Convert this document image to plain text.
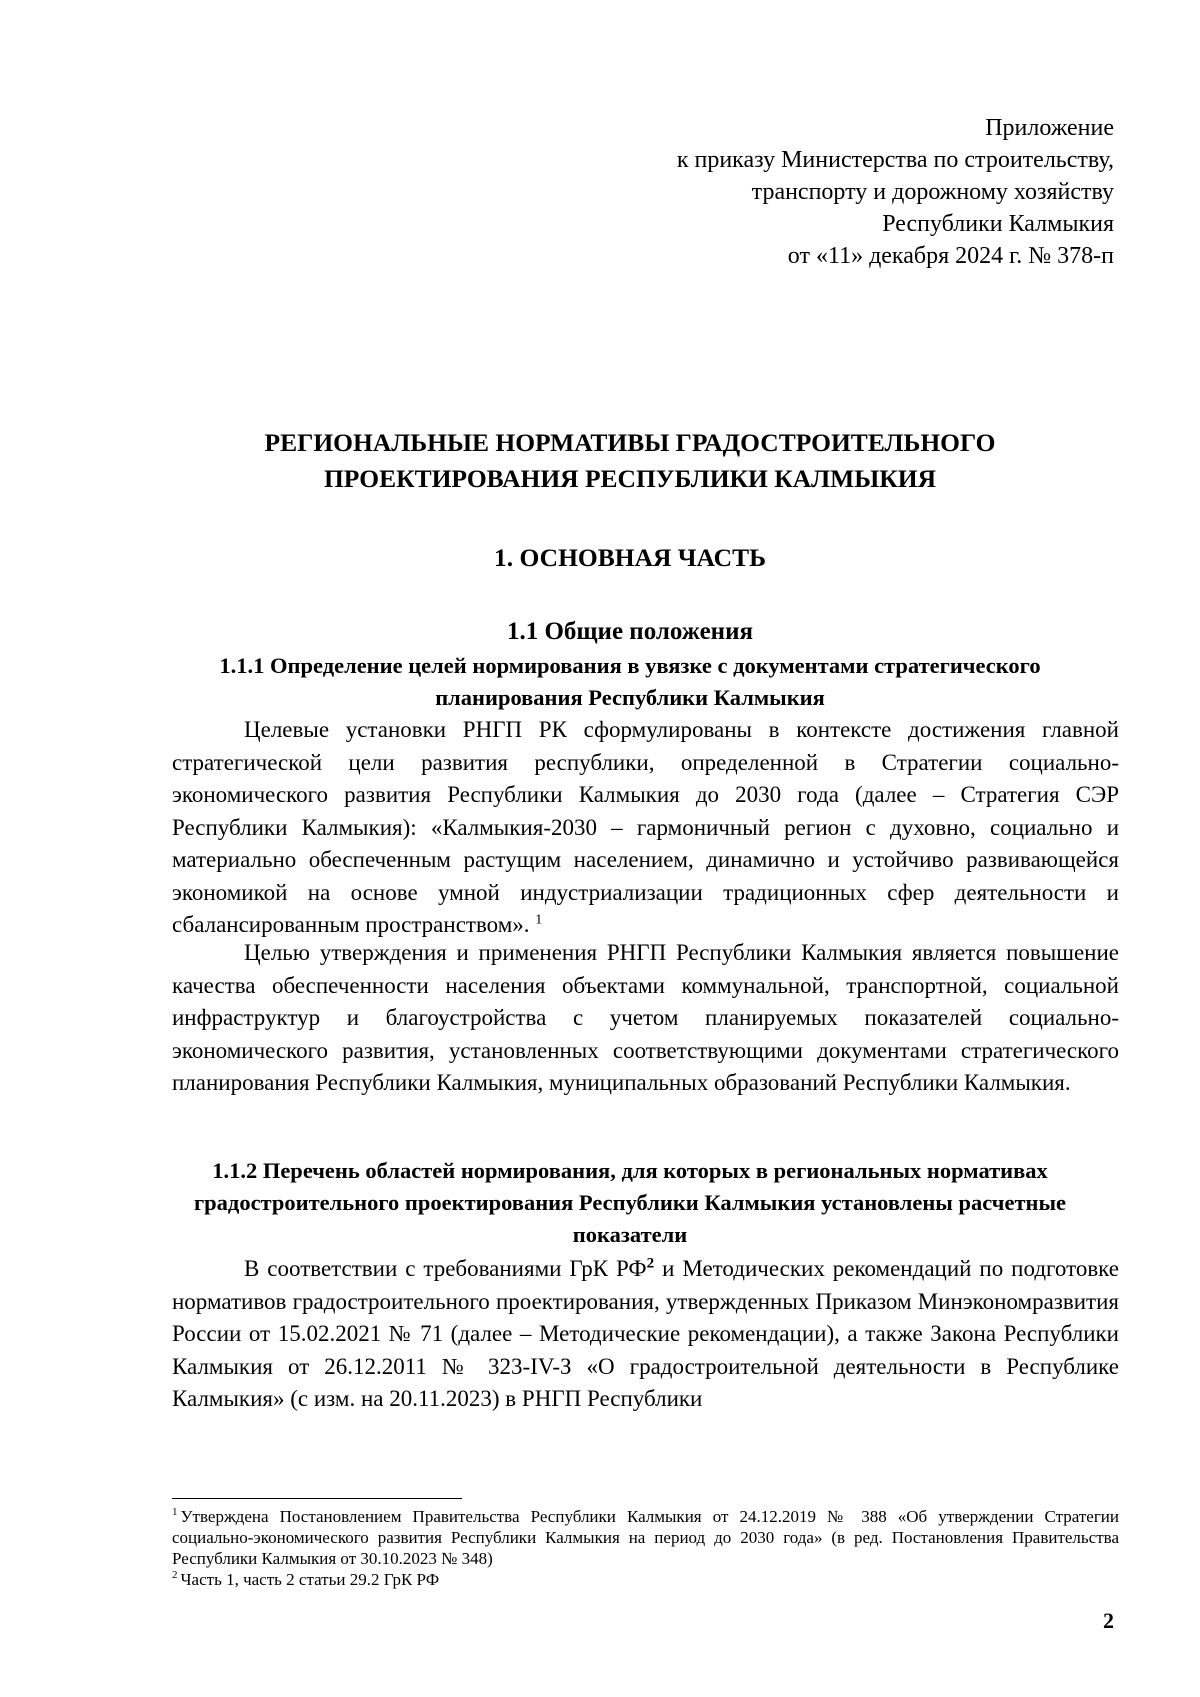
Приложение
к приказу Министерства по строительству,
транспорту и дорожному хозяйству
Республики Калмыкия
от «11» декабря 2024 г. № 378-п
РЕГИОНАЛЬНЫЕ НОРМАТИВЫ ГРАДОСТРОИТЕЛЬНОГО
ПРОЕКТИРОВАНИЯ РЕСПУБЛИКИ КАЛМЫКИЯ
1. ОСНОВНАЯ ЧАСТЬ
1.1 Общие положения
1.1.1 Определение целей нормирования в увязке с документами стратегического
планирования Республики Калмыкия
Целевые установки РНГП РК сформулированы в контексте достижения главной стратегической цели развития республики, определенной в Стратегии социально-экономического развития Республики Калмыкия до 2030 года (далее – Стратегия СЭР Республики Калмыкия): «Калмыкия-2030 – гармоничный регион с духовно, социально и материально обеспеченным растущим населением, динамично и устойчиво развивающейся экономикой на основе умной индустриализации традиционных сфер деятельности и сбалансированным пространством». $^1$
Целью утверждения и применения РНГП Республики Калмыкия является повышение качества обеспеченности населения объектами коммунальной, транспортной, социальной инфраструктур и благоустройства с учетом планируемых показателей социально-экономического развития, установленных соответствующими документами стратегического планирования Республики Калмыкия, муниципальных образований Республики Калмыкия.
1.1.2 Перечень областей нормирования, для которых в региональных нормативах
градостроительного проектирования Республики Калмыкия установлены расчетные
показатели
В соответствии с требованиями ГрК РФ$^2$ и Методических рекомендаций по подготовке нормативов градостроительного проектирования, утвержденных Приказом Минэкономразвития России от 15.02.2021 № 71 (далее – Методические рекомендации), а также Закона Республики Калмыкия от 26.12.2011 № 323-IV-З «О градостроительной деятельности в Республике Калмыкия» (с изм. на 20.11.2023) в РНГП Республики

$^1$ Утверждена Постановлением Правительства Республики Калмыкия от 24.12.2019 № 388 «Об утверждении Стратегии социально-экономического развития Республики Калмыкия на период до 2030 года» (в ред. Постановления Правительства Республики Калмыкия от 30.10.2023 № 348)

$^2$ Часть 1, часть 2 статьи 29.2 ГрК РФ

2
